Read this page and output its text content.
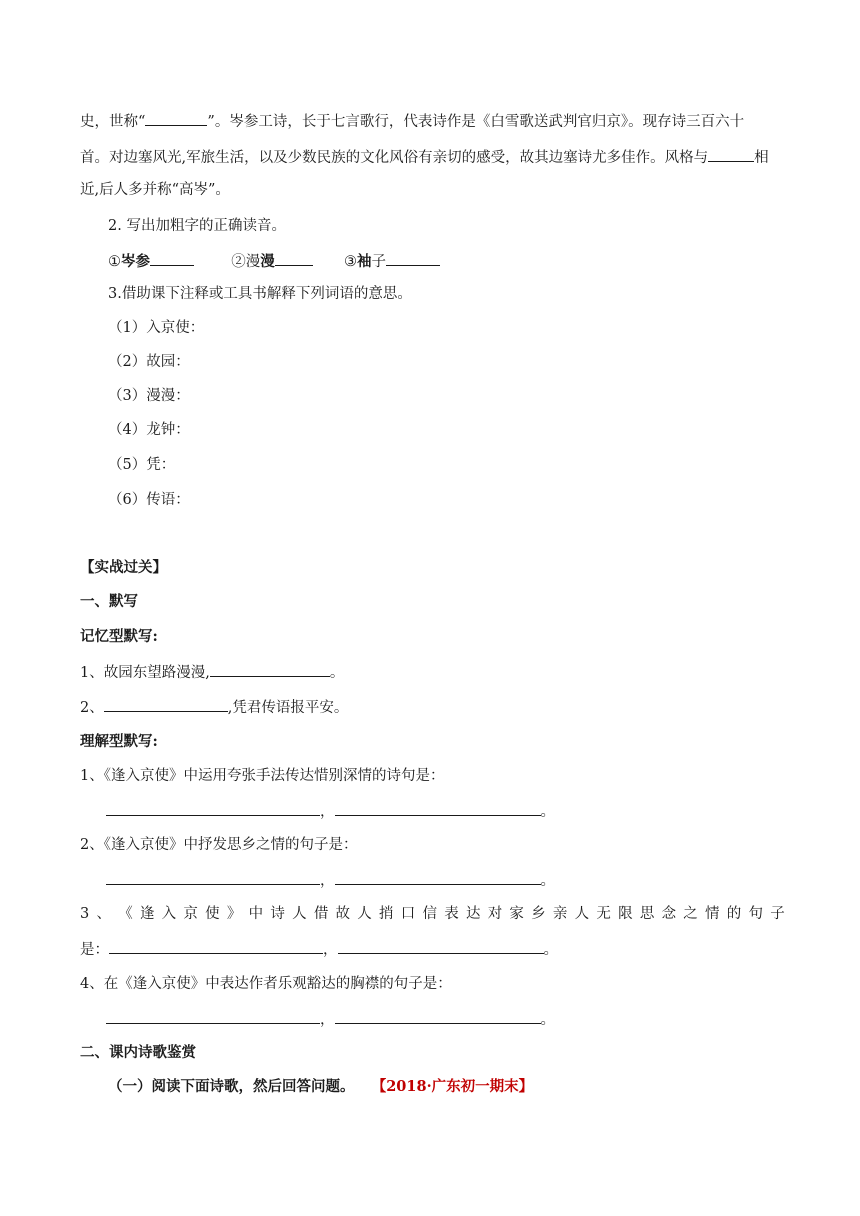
史，世称“	”。岑参工诗，长于七言歌行，代表诗作是《白雪歌送武判官归京》。现存诗三百六十
首。对边塞风光,军旅生活，以及少数民族的文化风俗有亲切的感受，故其边塞诗尤多佳作。风格与	相
近,后人多并称“高岑”。
2. 写出加粗字的正确读音。
①岑参	②漫漫	③袖子
3.借助课下注释或工具书解释下列词语的意思。
（1）入京使：
（2）故园：
（3）漫漫：
（4）龙钟：
（5）凭：
（6）传语：
【实战过关】
一、默写
记忆型默写:
1、故园东望路漫漫,	。
2、	,凭君传语报平安。
理解型默写:
1、《逢入京使》中运用夸张手法传达惜别深情的诗句是：
，	。
2、《逢入京使》中抒发思乡之情的句子是：
，	。
3 、 《 逢 入 京 使 》 中 诗 人 借 故 人 捎 口 信 表 达 对 家 乡 亲 人 无 限 思 念 之 情 的 句 子
是：	，	。
4、在《逢入京使》中表达作者乐观豁达的胸襟的句子是：
，	。
二、课内诗歌鉴赏
（一）阅读下面诗歌，然后回答问题。 【2018·广东初一期末】
